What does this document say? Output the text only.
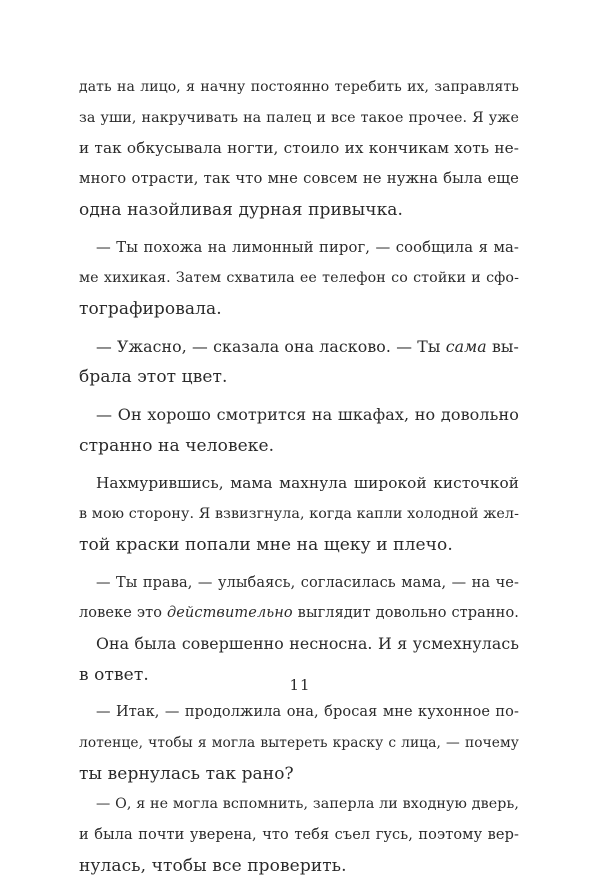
дать на лицо, я начну постоянно теребить их, заправлять
за уши, накручивать на палец и все такое прочее. Я уже
и так обкусывала ногти, стоило их кончикам хоть не-
много отрасти, так что мне совсем не нужна была еще
одна назойливая дурная привычка.
— Ты похожа на лимонный пирог, — сообщила я ма-
ме хихикая. Затем схватила ее телефон со стойки и сфо-
тографировала.
— Ужасно, — сказала она ласково. — Ты сама вы-
брала этот цвет.
— Он хорошо смотрится на шкафах, но довольно
странно на человеке.
Нахмурившись, мама махнула широкой кисточкой
в мою сторону. Я взвизгнула, когда капли холодной жел-
той краски попали мне на щеку и плечо.
— Ты права, — улыбаясь, согласилась мама, — на че-
ловеке это действительно выглядит довольно странно.
Она была совершенно несносна. И я усмехнулась
в ответ.
— Итак, — продолжила она, бросая мне кухонное по-
лотенце, чтобы я могла вытереть краску с лица, — почему
ты вернулась так рано?
— О, я не могла вспомнить, заперла ли входную дверь,
и была почти уверена, что тебя съел гусь, поэтому вер-
нулась, чтобы все проверить.
11
